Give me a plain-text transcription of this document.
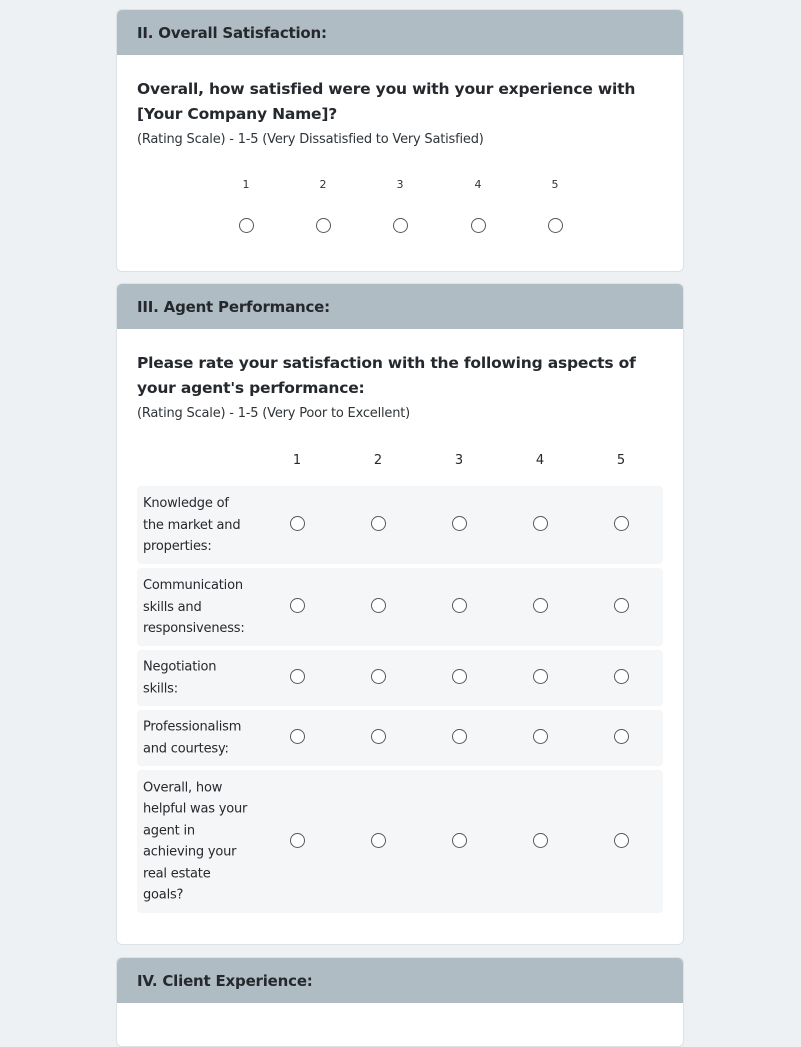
II. Overall Satisfaction:

Overall, how satisfied were you with your experience with [Your Company Name]?

(Rating Scale) - 1-5 (Very Dissatisfied to Very Satisfied)
1	2	3	4	5
III. Agent Performance:

Please rate your satisfaction with the following aspects of your agent's performance:

(Rating Scale) - 1-5 (Very Poor to Excellent)
1	2	3	4	5
Knowledge of the market and properties:
Communication skills and responsiveness:
Negotiation skills:
Professionalism and courtesy:
Overall, how helpful was your agent in achieving your real estate goals?
IV. Client Experience:
